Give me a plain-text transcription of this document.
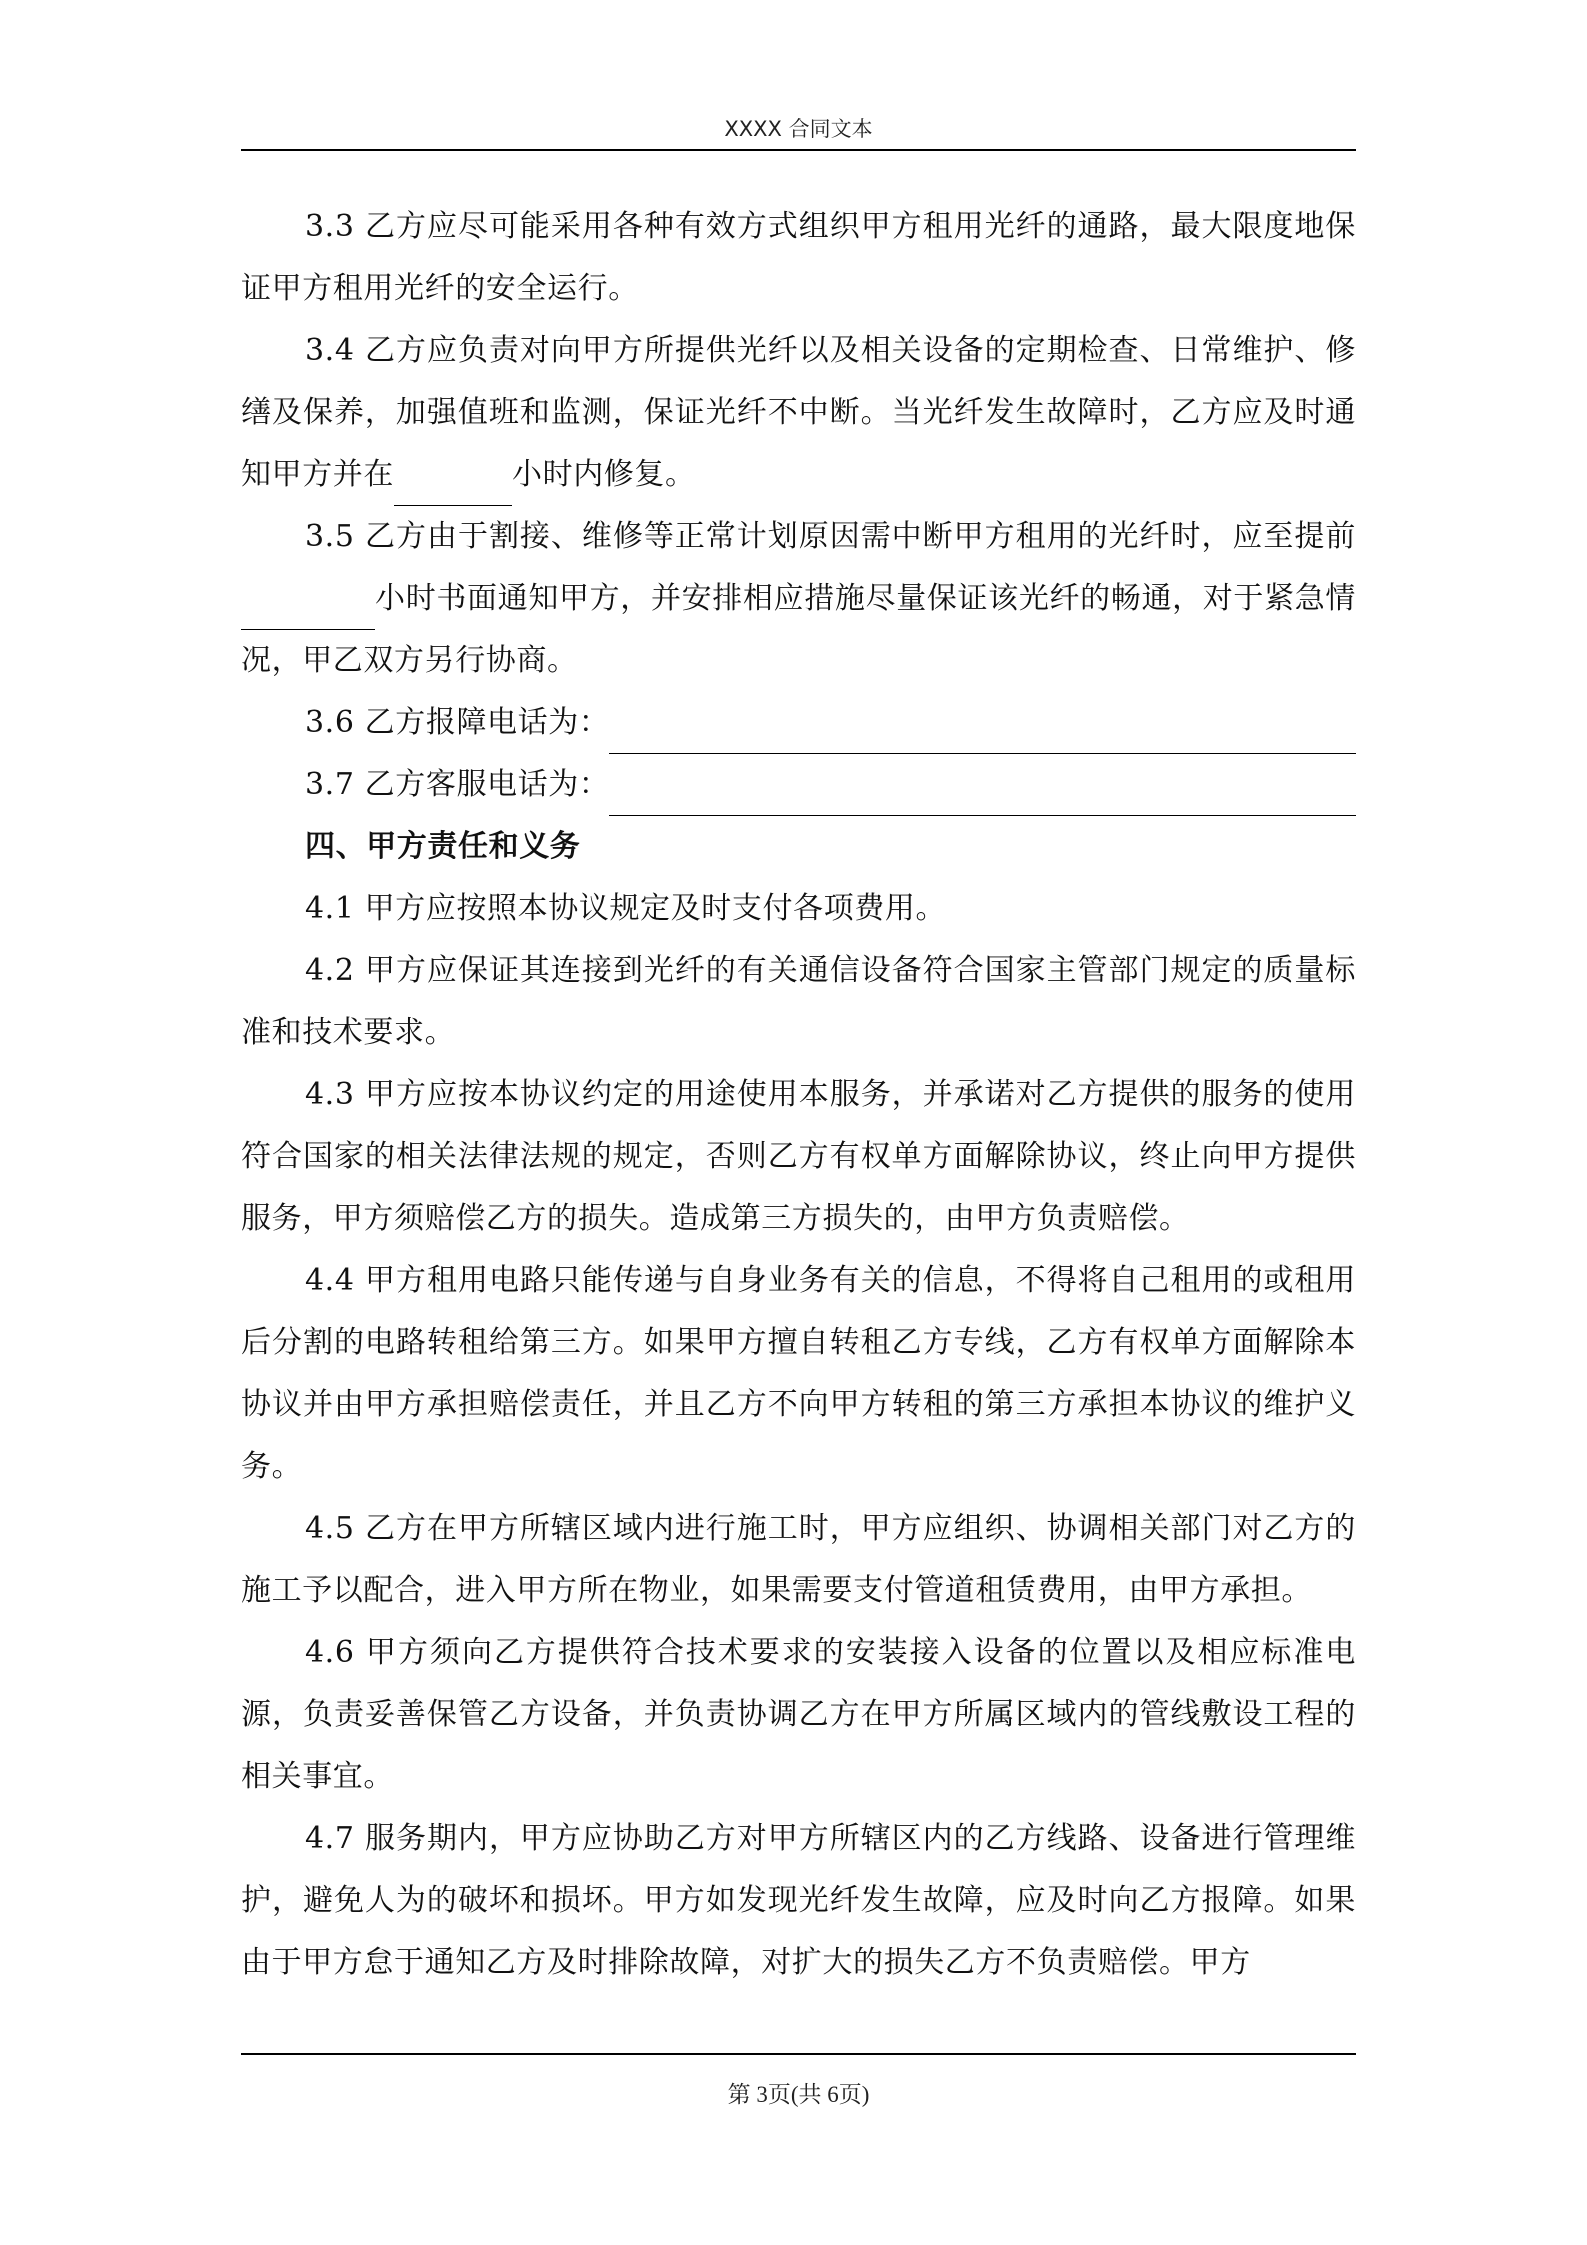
XXXX 合同文本
3.3 乙方应尽可能采用各种有效方式组织甲方租用光纤的通路，最大限度地保证甲方租用光纤的安全运行。
3.4 乙方应负责对向甲方所提供光纤以及相关设备的定期检查、日常维护、修缮及保养，加强值班和监测，保证光纤不中断。当光纤发生故障时，乙方应及时通知甲方并在	小时内修复。
3.5 乙方由于割接、维修等正常计划原因需中断甲方租用的光纤时，应至提前小时书面通知甲方，并安排相应措施尽量保证该光纤的畅通，对于紧急情况，甲乙双方另行协商。
3.6 乙方报障电话为：
3.7 乙方客服电话为：
四、甲方责任和义务
4.1 甲方应按照本协议规定及时支付各项费用。
4.2 甲方应保证其连接到光纤的有关通信设备符合国家主管部门规定的质量标准和技术要求。
4.3 甲方应按本协议约定的用途使用本服务，并承诺对乙方提供的服务的使用符合国家的相关法律法规的规定，否则乙方有权单方面解除协议，终止向甲方提供服务，甲方须赔偿乙方的损失。造成第三方损失的，由甲方负责赔偿。
4.4 甲方租用电路只能传递与自身业务有关的信息，不得将自己租用的或租用后分割的电路转租给第三方。如果甲方擅自转租乙方专线，乙方有权单方面解除本协议并由甲方承担赔偿责任，并且乙方不向甲方转租的第三方承担本协议的维护义务。
4.5 乙方在甲方所辖区域内进行施工时，甲方应组织、协调相关部门对乙方的施工予以配合，进入甲方所在物业，如果需要支付管道租赁费用，由甲方承担。
4.6 甲方须向乙方提供符合技术要求的安装接入设备的位置以及相应标准电源，负责妥善保管乙方设备，并负责协调乙方在甲方所属区域内的管线敷设工程的相关事宜。
4.7 服务期内，甲方应协助乙方对甲方所辖区内的乙方线路、设备进行管理维护，避免人为的破坏和损坏。甲方如发现光纤发生故障，应及时向乙方报障。如果由于甲方怠于通知乙方及时排除故障，对扩大的损失乙方不负责赔偿。甲方
第 3页(共 6页)
